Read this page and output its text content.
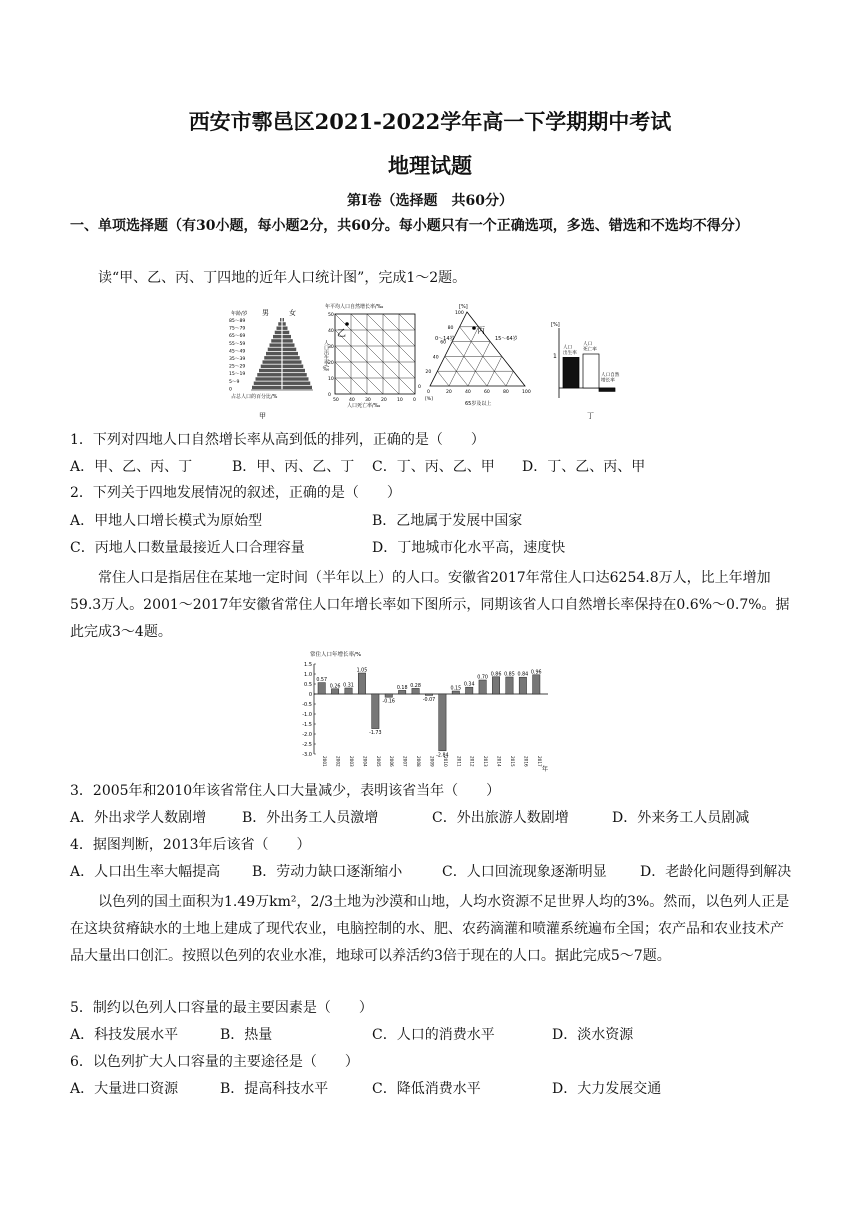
西安市鄠邑区2021-2022学年高一下学期期中考试
地理试题
第Ⅰ卷（选择题　共60分）
一、单项选择题（有30小题，每小题2分，共60分。每小题只有一个正确选项，多选、错选和不选均不得分）
读“甲、乙、丙、丁四地的近年人口统计图”，完成1～2题。
年龄/岁 男	女
85～89
75～79
65～69
55～59
45～49
35～39
25～29
15～19
5～9
0
占总人口的百分比/%
甲
年平均人口自然增长率/‰
人口出生率/‰
50
40
30
20
10
0
50 40 30 20 10 0
人口死亡率/‰
乙
[%]
0～14岁	15～64岁
65岁及以上
100
100
80
80
60
60
40
40
20
20
0
0
[%]
丙
[%]
1
人口
出生率
人口
死亡率
人口自然
增长率
丁
1．下列对四地人口自然增长率从高到低的排列，正确的是（　　）
A．甲、乙、丙、丁	B．甲、丙、乙、丁 C．丁、丙、乙、甲 D．丁、乙、丙、甲
2．下列关于四地发展情况的叙述，正确的是（　　）
A．甲地人口增长模式为原始型	B．乙地属于发展中国家
C．丙地人口数量最接近人口合理容量	D．丁地城市化水平高，速度快
常住人口是指居住在某地一定时间（半年以上）的人口。安徽省2017年常住人口达6254.8万人，比上年增加59.3万人。2001～2017年安徽省常住人口年增长率如下图所示，同期该省人口自然增长率保持在0.6%～0.7%。据此完成3～4题。
常住人口年增长率/%
1.5
1.0
0.5
0
-0.5
-1.0
-1.5
-2.0
-2.5
-3.0
0.57
0.26 0.31
1.05
-1.73
-0.16
0.18 0.28
-0.07
-2.84
0.15
0.34
0.70
0.86 0.85 0.84 0.96
2001 2002 2003 2004 2005 2006 2007 2008 2009 2010 2011 2012 2013 2014 2015 2016 2017
年
3．2005年和2010年该省常住人口大量减少，表明该省当年（　　）
A．外出求学人数剧增	B．外出务工人员激增	C．外出旅游人数剧增	D．外来务工人员剧减
4．据图判断，2013年后该省（　　）
A．人口出生率大幅提高 B．劳动力缺口逐渐缩小	C．人口回流现象逐渐明显 D．老龄化问题得到解决
以色列的国土面积为1.49万km²，2/3土地为沙漠和山地，人均水资源不足世界人均的3%。然而，以色列人正是在这块贫瘠缺水的土地上建成了现代农业，电脑控制的水、肥、农药滴灌和喷灌系统遍布全国；农产品和农业技术产品大量出口创汇。按照以色列的农业水准，地球可以养活约3倍于现在的人口。据此完成5～7题。
5．制约以色列人口容量的最主要因素是（　　）
A．科技发展水平	B．热量	C．人口的消费水平	D．淡水资源
6．以色列扩大人口容量的主要途径是（　　）
A．大量进口资源	B．提高科技水平	C．降低消费水平	D．大力发展交通
